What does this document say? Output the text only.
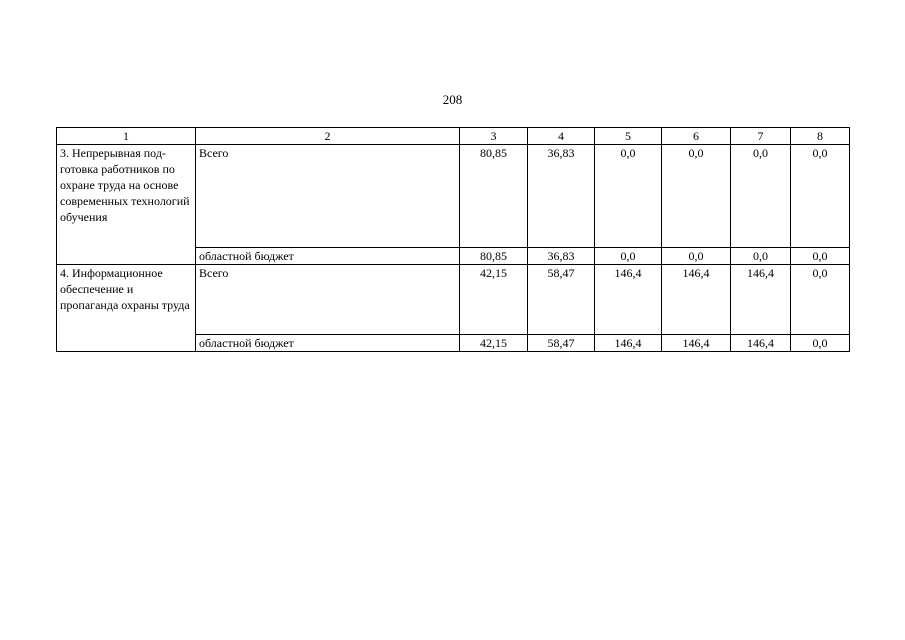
208
1	2	3	4	5	6	7	8
3. Непрерывная под-готовка работников по охране труда на основе современных технологий обучения	Всего	80,85	36,83	0,0	0,0	0,0	0,0
	областной бюджет	80,85	36,83	0,0	0,0	0,0	0,0
4. Информационное обеспечение и пропаганда охраны труда	Всего	42,15	58,47	146,4	146,4	146,4	0,0
	областной бюджет	42,15	58,47	146,4	146,4	146,4	0,0
